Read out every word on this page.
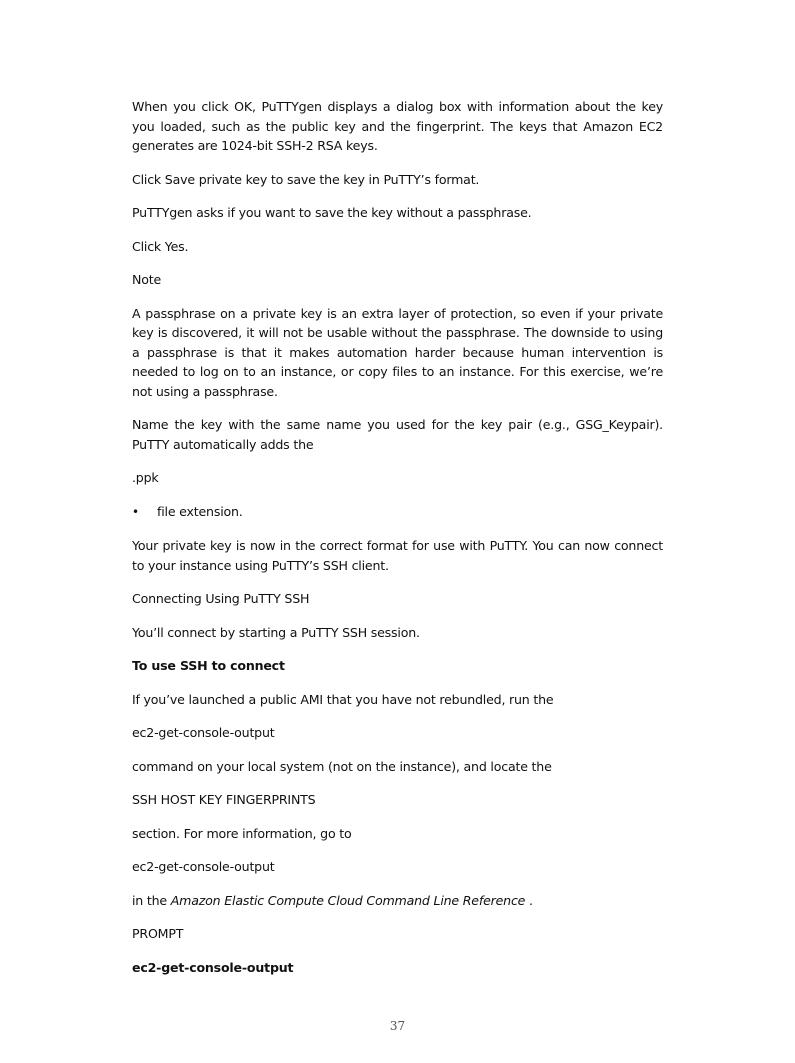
When you click OK, PuTTYgen displays a dialog box with information about the key you loaded, such as the public key and the fingerprint. The keys that Amazon EC2 generates are 1024-bit SSH-2 RSA keys.

Click Save private key to save the key in PuTTY’s format.

PuTTYgen asks if you want to save the key without a passphrase.

Click Yes.

Note

A passphrase on a private key is an extra layer of protection, so even if your private key is discovered, it will not be usable without the passphrase. The downside to using a passphrase is that it makes automation harder because human intervention is needed to log on to an instance, or copy files to an instance. For this exercise, we’re not using a passphrase.

Name the key with the same name you used for the key pair (e.g., GSG_Keypair). PuTTY automatically adds the

.ppk

•	file extension.

Your private key is now in the correct format for use with PuTTY. You can now connect to your instance using PuTTY’s SSH client.

Connecting Using PuTTY SSH

You’ll connect by starting a PuTTY SSH session.

To use SSH to connect

If you’ve launched a public AMI that you have not rebundled, run the

ec2-get-console-output

command on your local system (not on the instance), and locate the

SSH HOST KEY FINGERPRINTS

section. For more information, go to

ec2-get-console-output

in the Amazon Elastic Compute Cloud Command Line Reference .

PROMPT

ec2-get-console-output

37
